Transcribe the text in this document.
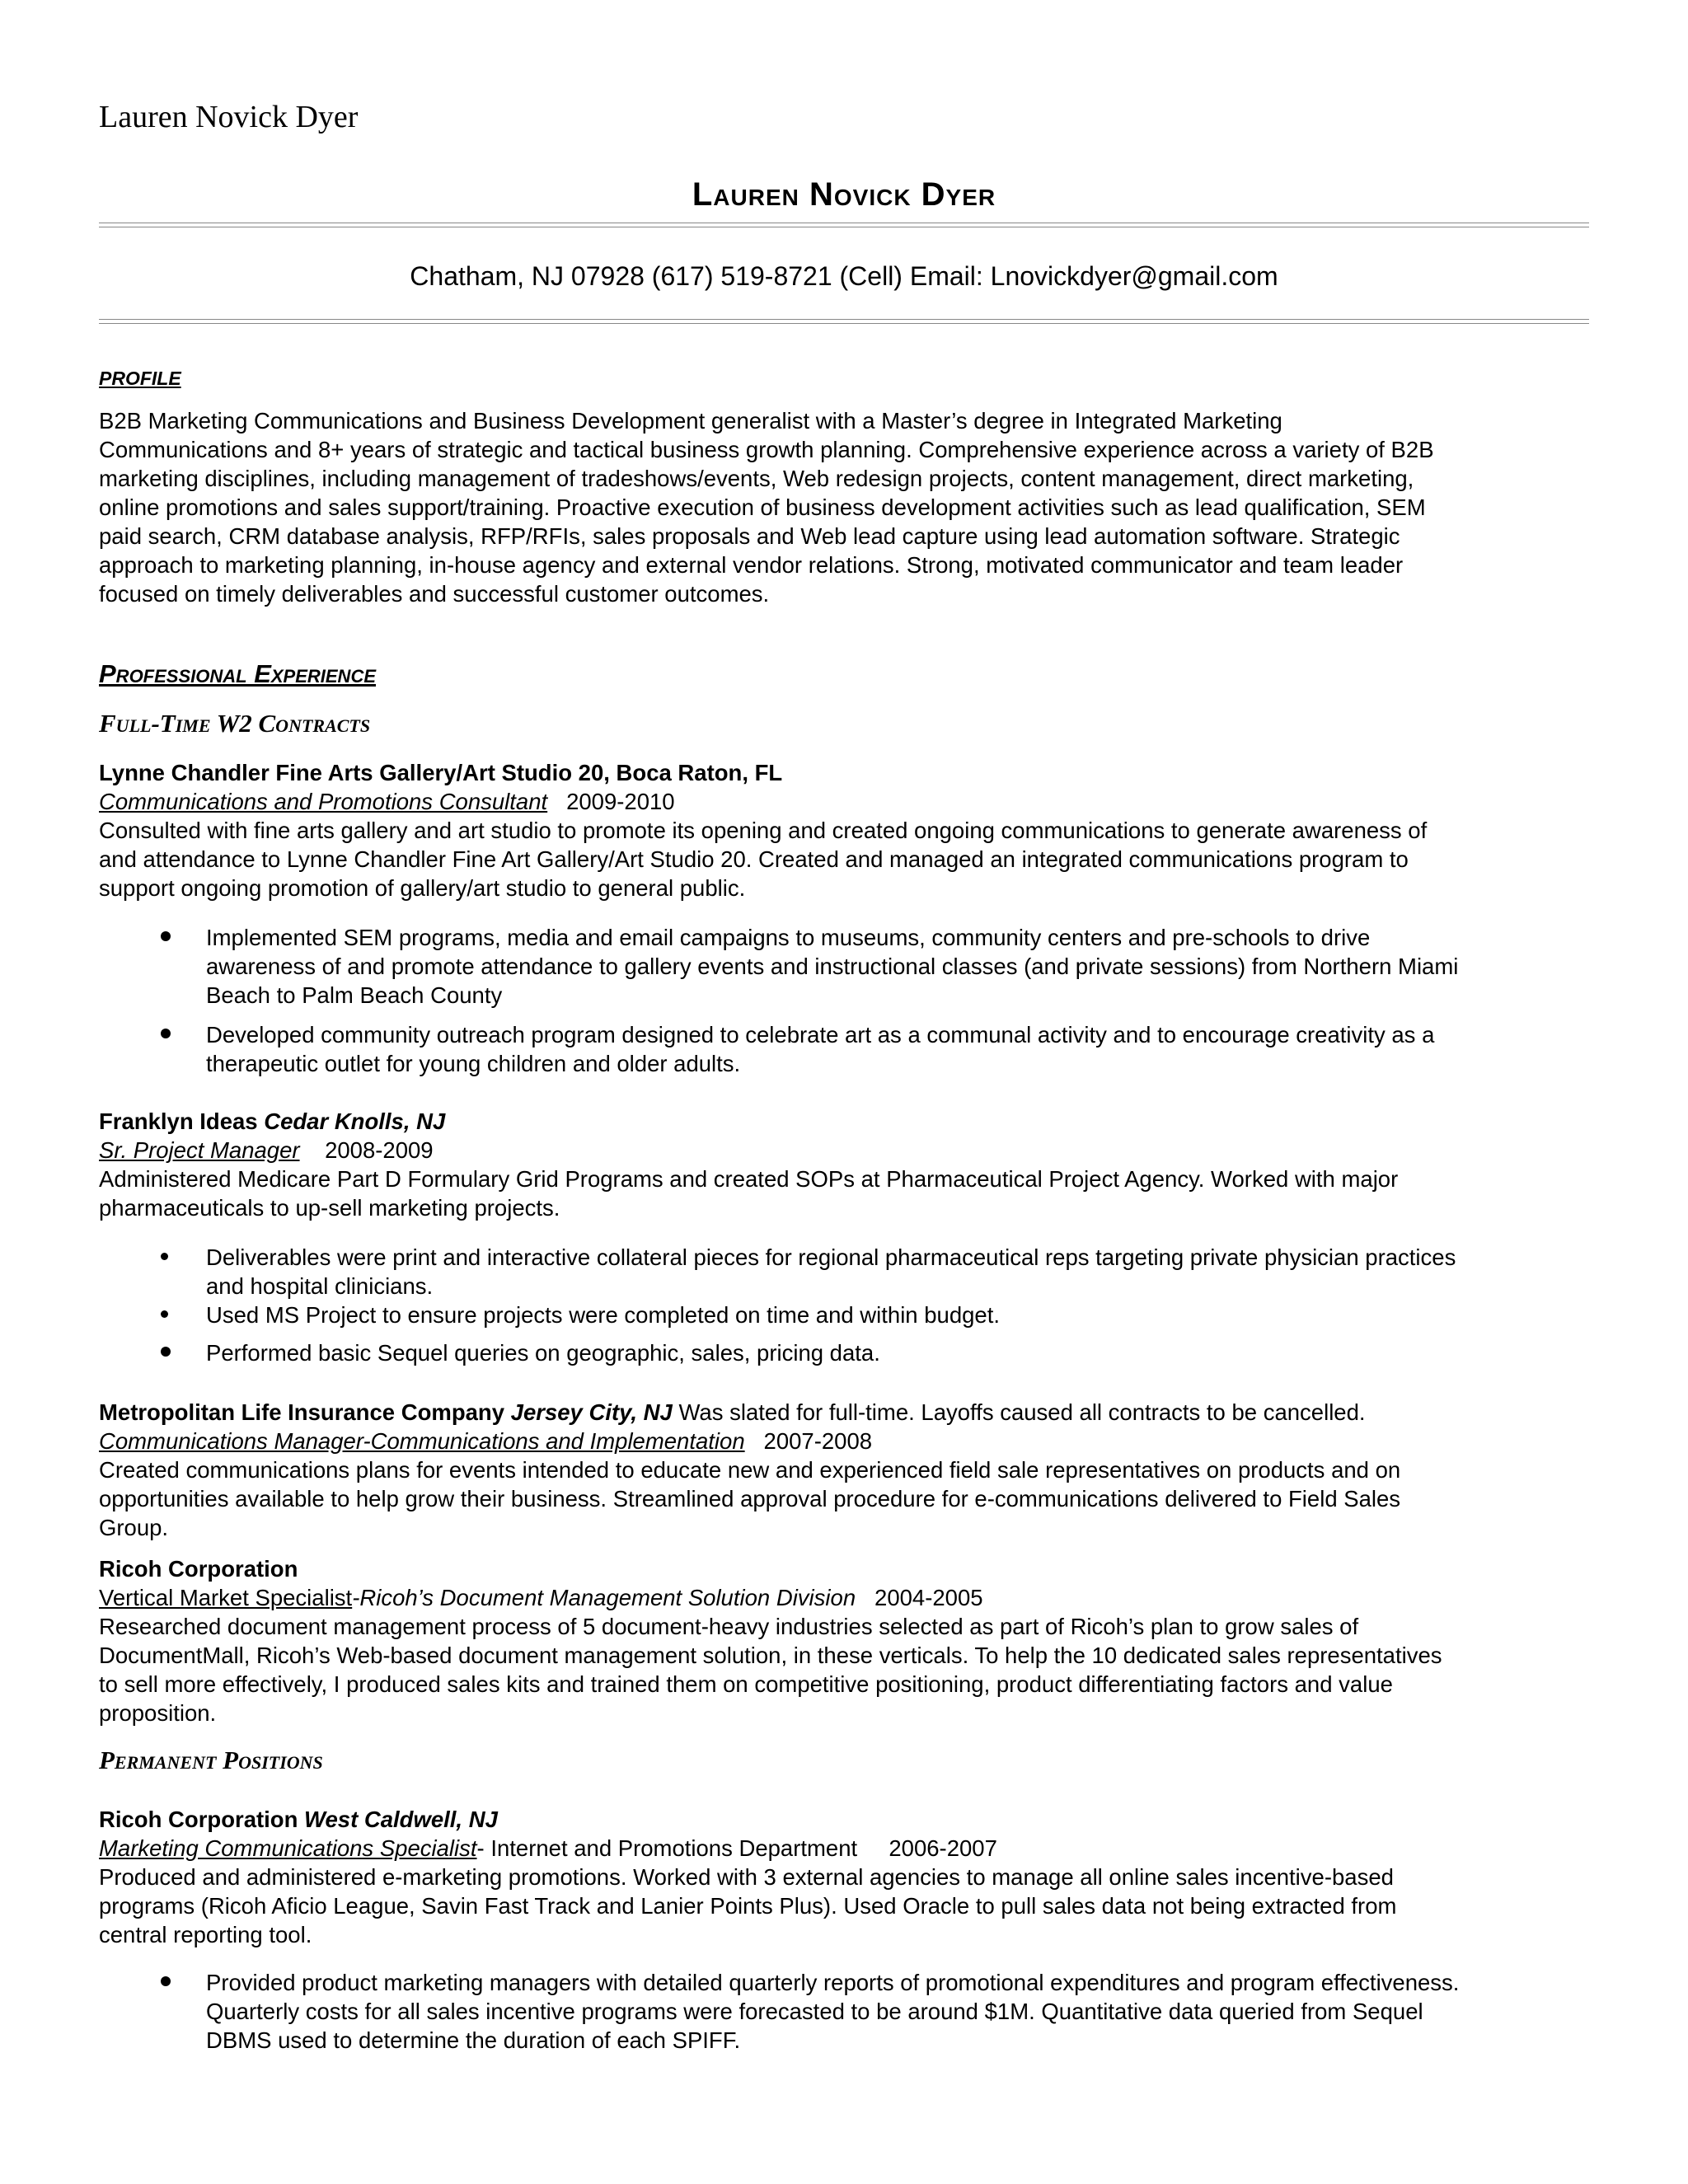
Lauren Novick Dyer
Lauren Novick Dyer
Chatham, NJ 07928 (617) 519-8721 (Cell) Email: Lnovickdyer@gmail.com
PROFILE
B2B Marketing Communications and Business Development generalist with a Master’s degree in Integrated Marketing
Communications and 8+ years of strategic and tactical business growth planning. Comprehensive experience across a variety of B2B
marketing disciplines, including management of tradeshows/events, Web redesign projects, content management, direct marketing,
online promotions and sales support/training. Proactive execution of business development activities such as lead qualification, SEM
paid search, CRM database analysis, RFP/RFIs, sales proposals and Web lead capture using lead automation software. Strategic
approach to marketing planning, in-house agency and external vendor relations. Strong, motivated communicator and team leader
focused on timely deliverables and successful customer outcomes.
Professional Experience
Full-Time W2 Contracts
Lynne Chandler Fine Arts Gallery/Art Studio 20, Boca Raton, FL
Communications and Promotions Consultant 2009-2010
Consulted with fine arts gallery and art studio to promote its opening and created ongoing communications to generate awareness of
and attendance to Lynne Chandler Fine Art Gallery/Art Studio 20. Created and managed an integrated communications program to
support ongoing promotion of gallery/art studio to general public.
Implemented SEM programs, media and email campaigns to museums, community centers and pre-schools to drive
awareness of and promote attendance to gallery events and instructional classes (and private sessions) from Northern Miami
Beach to Palm Beach County
Developed community outreach program designed to celebrate art as a communal activity and to encourage creativity as a
therapeutic outlet for young children and older adults.
Franklyn Ideas Cedar Knolls, NJ
Sr. Project Manager 2008-2009
Administered Medicare Part D Formulary Grid Programs and created SOPs at Pharmaceutical Project Agency. Worked with major
pharmaceuticals to up-sell marketing projects.
Deliverables were print and interactive collateral pieces for regional pharmaceutical reps targeting private physician practices
and hospital clinicians.
Used MS Project to ensure projects were completed on time and within budget.
Performed basic Sequel queries on geographic, sales, pricing data.
Metropolitan Life Insurance Company Jersey City, NJ Was slated for full-time. Layoffs caused all contracts to be cancelled.
Communications Manager-Communications and Implementation 2007-2008
Created communications plans for events intended to educate new and experienced field sale representatives on products and on
opportunities available to help grow their business. Streamlined approval procedure for e-communications delivered to Field Sales
Group.
Ricoh Corporation
Vertical Market Specialist-Ricoh’s Document Management Solution Division 2004-2005
Researched document management process of 5 document-heavy industries selected as part of Ricoh’s plan to grow sales of
DocumentMall, Ricoh’s Web-based document management solution, in these verticals. To help the 10 dedicated sales representatives
to sell more effectively, I produced sales kits and trained them on competitive positioning, product differentiating factors and value
proposition.
Permanent Positions
Ricoh Corporation West Caldwell, NJ
Marketing Communications Specialist- Internet and Promotions Department 2006-2007
Produced and administered e-marketing promotions. Worked with 3 external agencies to manage all online sales incentive-based
programs (Ricoh Aficio League, Savin Fast Track and Lanier Points Plus). Used Oracle to pull sales data not being extracted from
central reporting tool.
Provided product marketing managers with detailed quarterly reports of promotional expenditures and program effectiveness.
Quarterly costs for all sales incentive programs were forecasted to be around $1M. Quantitative data queried from Sequel
DBMS used to determine the duration of each SPIFF.
